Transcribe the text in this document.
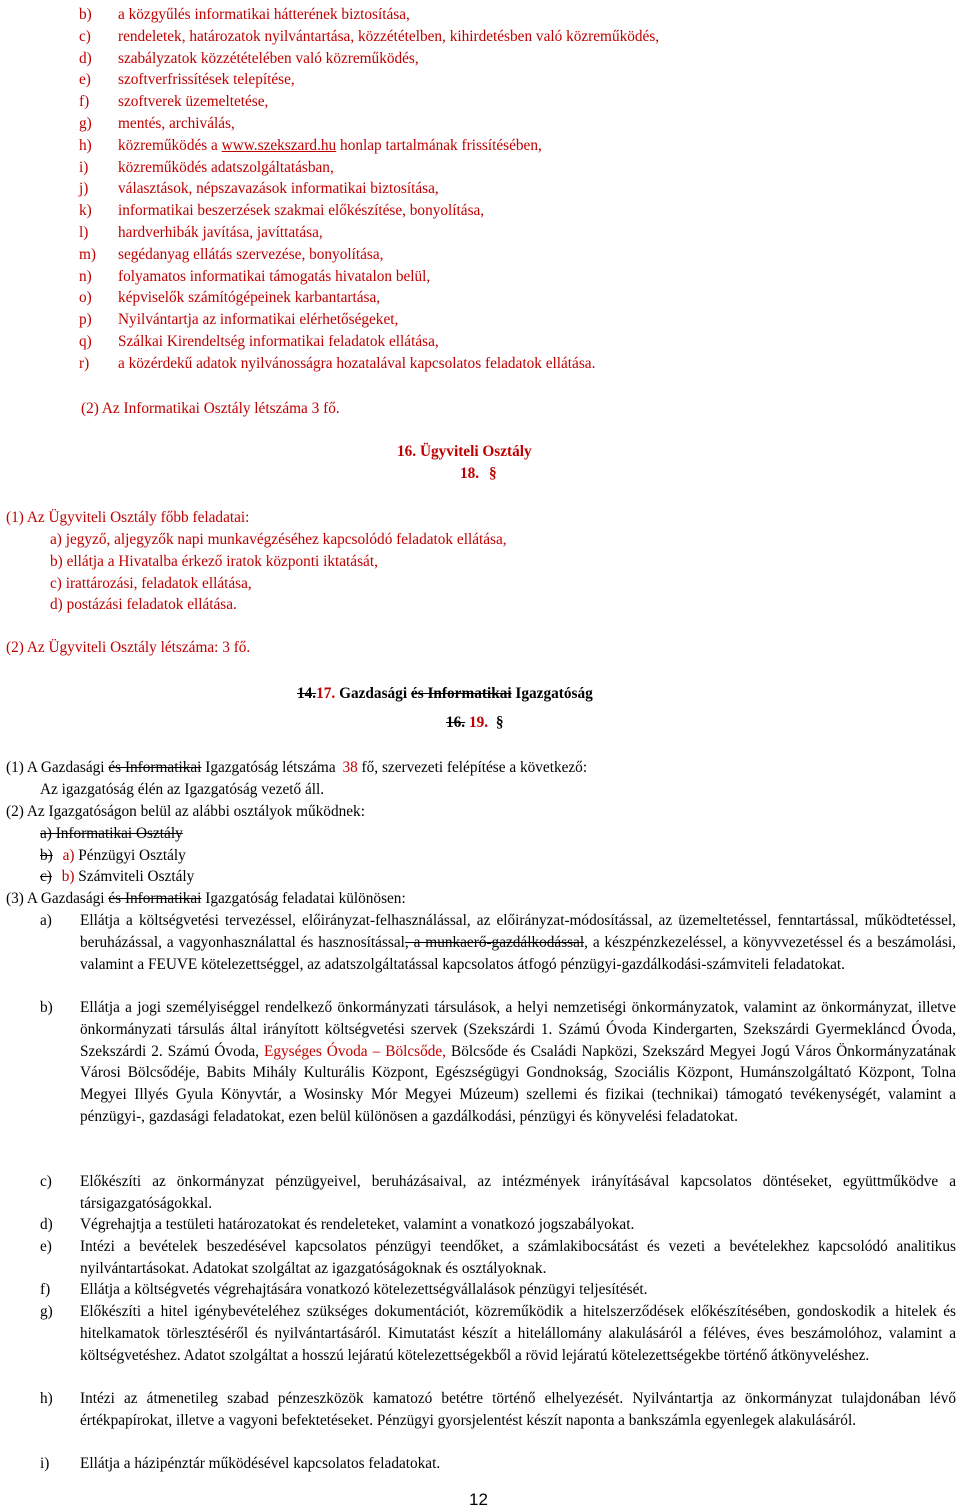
b) a közgyűlés informatikai hátterének biztosítása,
c) rendeletek, határozatok nyilvántartása, közzétételben, kihirdetésben való közreműködés,
d) szabályzatok közzétételében való közreműködés,
e) szoftverfrissítések telepítése,
f) szoftverek üzemeltetése,
g) mentés, archiválás,
h) közreműködés a www.szekszard.hu honlap tartalmának frissítésében,
i) közreműködés adatszolgáltatásban,
j) választások, népszavazások informatikai biztosítása,
k) informatikai beszerzések szakmai előkészítése, bonyolítása,
l) hardverhibák javítása, javíttatása,
m) segédanyag ellátás szervezése, bonyolítása,
n) folyamatos informatikai támogatás hivatalon belül,
o) képviselők számítógépeinek karbantartása,
p) Nyilvántartja az informatikai elérhetőségeket,
q) Szálkai Kirendeltség informatikai feladatok ellátása,
r) a közérdekű adatok nyilvánosságra hozatalával kapcsolatos feladatok ellátása.
(2) Az Informatikai Osztály létszáma 3 fő.
16. Ügyviteli Osztály
18. §
(1) Az Ügyviteli Osztály főbb feladatai:
a) jegyző, aljegyzők napi munkavégzéséhez kapcsolódó feladatok ellátása,
b) ellátja a Hivatalba érkező iratok központi iktatását,
c) irattározási, feladatok ellátása,
d) postázási feladatok ellátása.
(2) Az Ügyviteli Osztály létszáma: 3 fő.
14.17. Gazdasági és Informatikai Igazgatóság
16. 19. §
(1) A Gazdasági és Informatikai Igazgatóság létszáma 38 fő, szervezeti felépítése a következő:
Az igazgatóság élén az Igazgatóság vezető áll.
(2) Az Igazgatóságon belül az alábbi osztályok működnek:
a) Informatikai Osztály
b) a) Pénzügyi Osztály
c) b) Számviteli Osztály
(3) A Gazdasági és Informatikai Igazgatóság feladatai különösen:
a) Ellátja a költségvetési tervezéssel, előirányzat-felhasználással, az előirányzat-módosítással, az üzemeltetéssel, fenntartással, működtetéssel, beruházással, a vagyonhasználattal és hasznosítással, a munkaerő-gazdálkodással, a készpénzkezeléssel, a könyvvezetéssel és a beszámolási, valamint a FEUVE kötelezettséggel, az adatszolgáltatással kapcsolatos átfogó pénzügyi-gazdálkodási-számviteli feladatokat.
b) Ellátja a jogi személyiséggel rendelkező önkormányzati társulások, a helyi nemzetiségi önkormányzatok, valamint az önkormányzat, illetve önkormányzati társulás által irányított költségvetési szervek (Szekszárdi 1. Számú Óvoda Kindergarten, Szekszárdi Gyermekláncd Óvoda, Szekszárdi 2. Számú Óvoda, Egységes Óvoda – Bölcsőde, Bölcsőde és Családi Napközi, Szekszárd Megyei Jogú Város Önkormányzatának Városi Bölcsődéje, Babits Mihály Kulturális Központ, Egészségügyi Gondnokság, Szociális Központ, Humánszolgáltató Központ, Tolna Megyei Illyés Gyula Könyvtár, a Wosinsky Mór Megyei Múzeum) szellemi és fizikai (technikai) támogató tevékenységét, valamint a pénzügyi-, gazdasági feladatokat, ezen belül különösen a gazdálkodási, pénzügyi és könyvelési feladatokat.
c) Előkészíti az önkormányzat pénzügyeivel, beruházásaival, az intézmények irányításával kapcsolatos döntéseket, együttműködve a társigazgatóságokkal.
d) Végrehajtja a testületi határozatokat és rendeleteket, valamint a vonatkozó jogszabályokat.
e) Intézi a bevételek beszedésével kapcsolatos pénzügyi teendőket, a számlakibocsátást és vezeti a bevételekhez kapcsolódó analitikus nyilvántartásokat. Adatokat szolgáltat az igazgatóságoknak és osztályoknak.
f) Ellátja a költségvetés végrehajtására vonatkozó kötelezettségvállalások pénzügyi teljesítését.
g) Előkészíti a hitel igénybevételéhez szükséges dokumentációt, közreműködik a hitelszerződések előkészítésében, gondoskodik a hitelek és hitelkamatok törlesztéséről és nyilvántartásáról. Kimutatást készít a hitelállomány alakulásáról a féléves, éves beszámolóhoz, valamint a költségvetéshez. Adatot szolgáltat a hosszú lejáratú kötelezettségekből a rövid lejáratú kötelezettségekbe történő átkönyveléshez.
h) Intézi az átmenetileg szabad pénzeszközök kamatozó betétre történő elhelyezését. Nyilvántartja az önkormányzat tulajdonában lévő értékpapírokat, illetve a vagyoni befektetéseket. Pénzügyi gyorsjelentést készít naponta a bankszámla egyenlegek alakulásáról.
i) Ellátja a házipénztár működésével kapcsolatos feladatokat.
12
